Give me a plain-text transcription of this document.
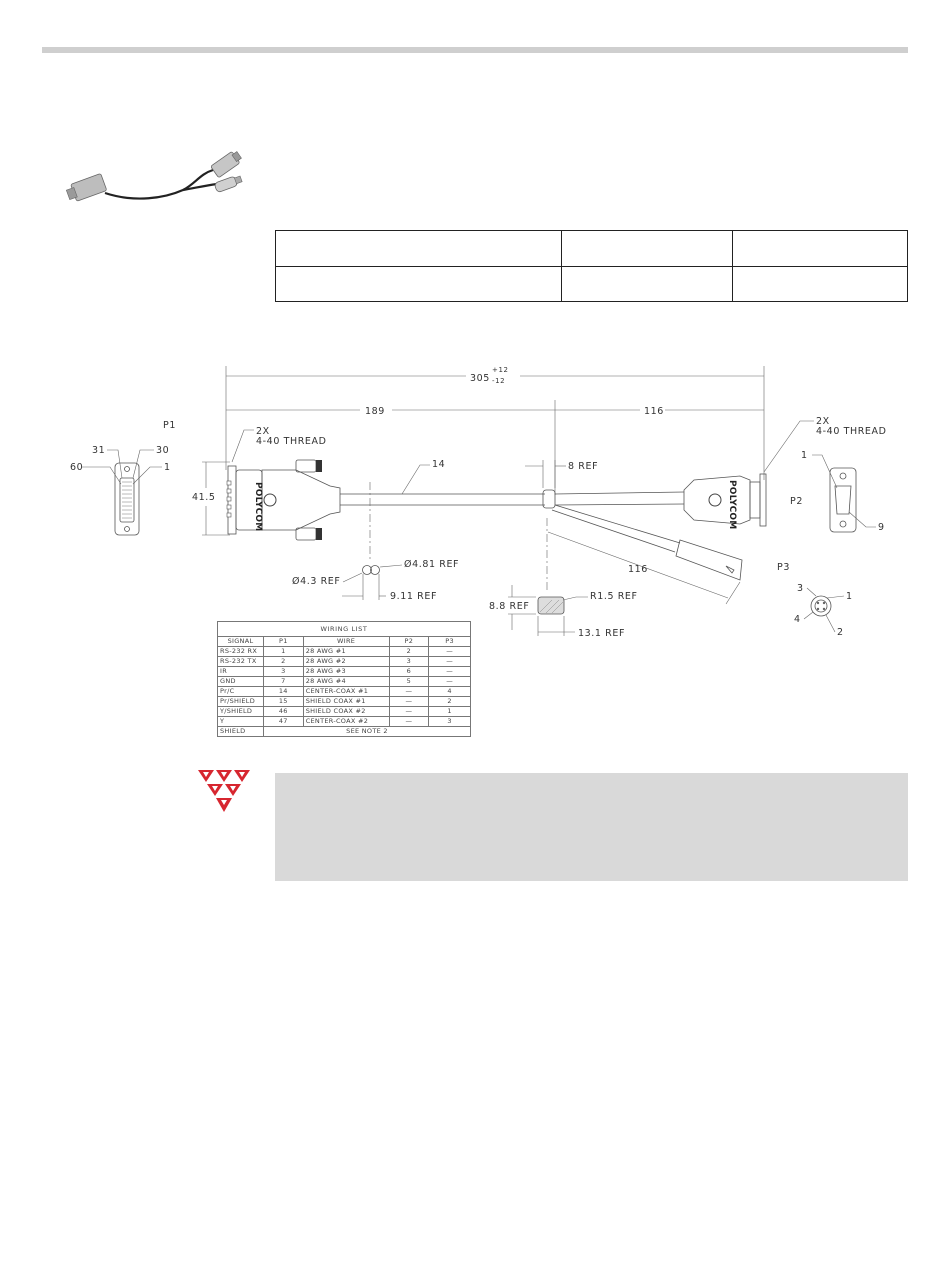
305
+12
-12
189	116
2X
4-40 THREAD
2X
4-40 THREAD
41.5
P1
31	30
60	1
POLYCOM
14	8 REF
POLYCOM
116
P2
1
9
P3
3
1
4
2
9.11 REF
Ø4.3 REF
Ø4.81 REF
8.8 REF
R1.5 REF
13.1 REF
WIRING LIST
SIGNAL	P1	WIRE	P2	P3
RS-232 RX	1	28 AWG #1	2	—
RS-232 TX	2	28 AWG #2	3	—
IR	3	28 AWG #3	6	—
GND	7	28 AWG #4	5	—
Pr/C	14	CENTER-COAX #1	—	4
Pr/SHIELD	15	SHIELD COAX #1	—	2
Y/SHIELD	46	SHIELD COAX #2	—	1
Y	47	CENTER-COAX #2	—	3
SHIELD	SEE NOTE 2			
